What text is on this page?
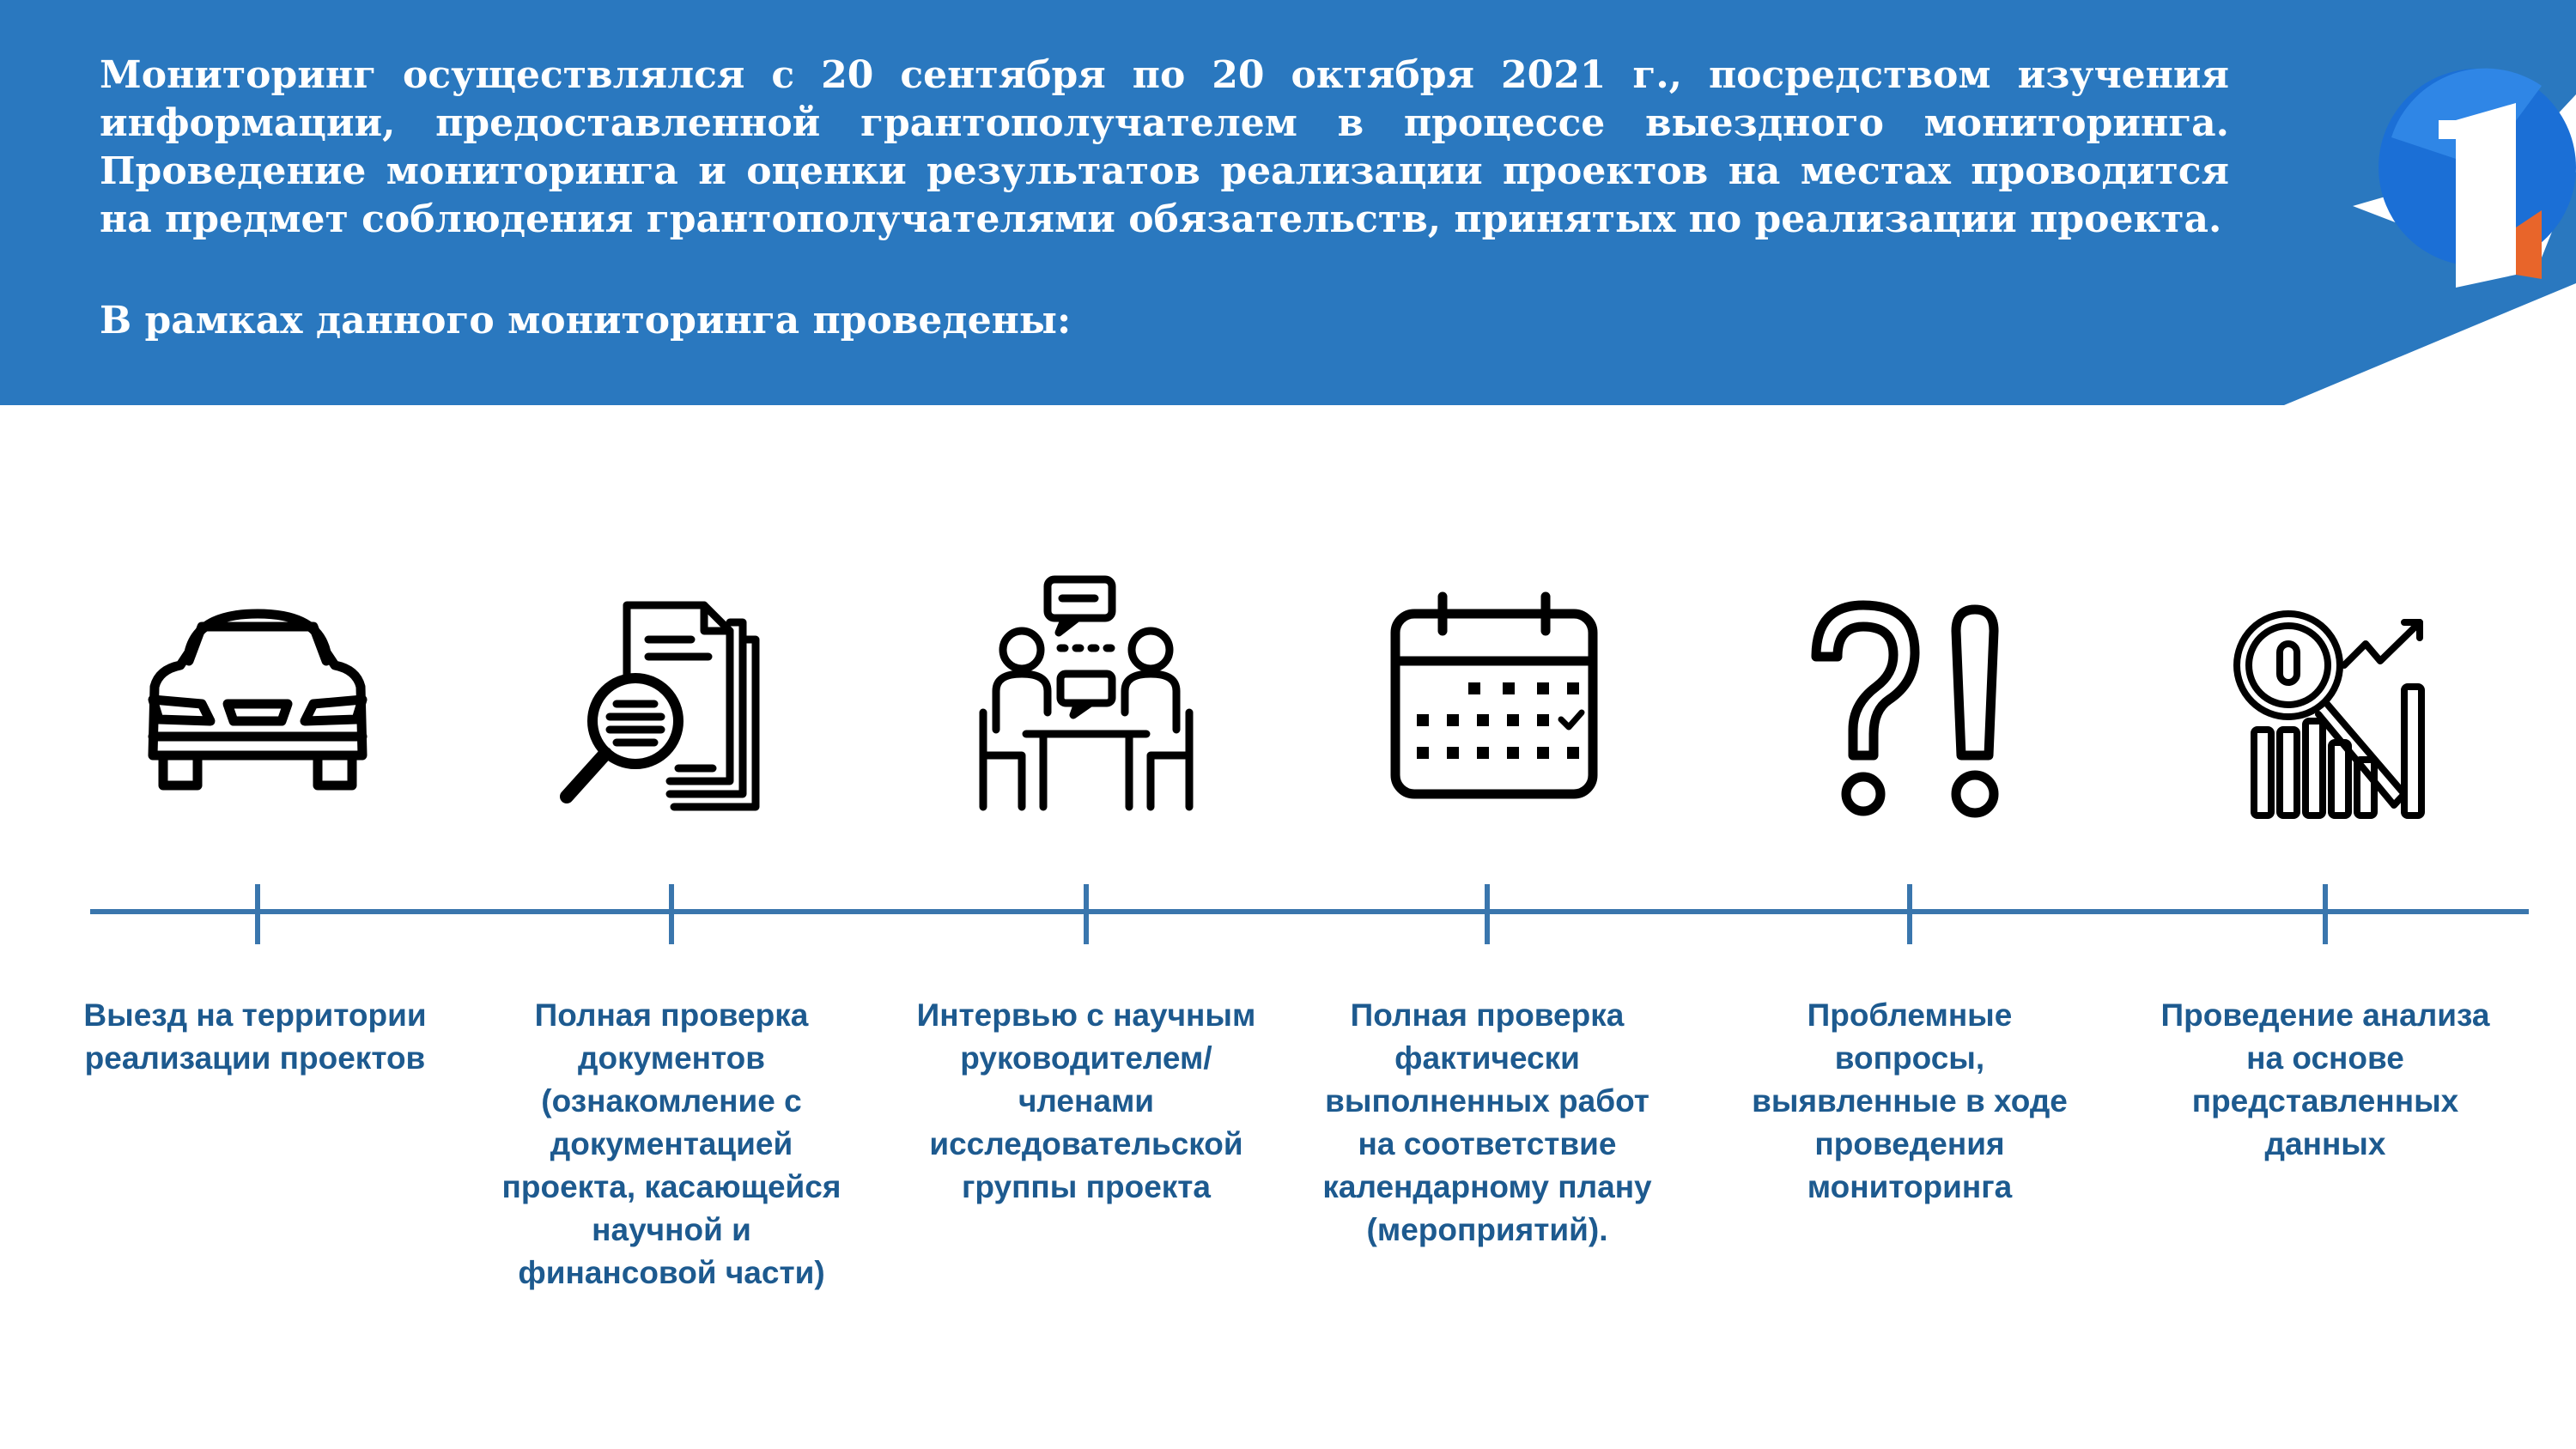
Мониторинг осуществлялся с 20 сентября по 20 октября 2021 г., посредством изучения информации, предоставленной грантополучателем в процессе выездного мониторинга. Проведение мониторинга и оценки результатов реализации проектов на местах проводится на предмет соблюдения грантополучателями обязательств, принятых по реализации проекта.

В рамках данного мониторинга проведены:

Выезд на территории реализации проектов

Полная проверка документов (ознакомление с документацией проекта, касающейся научной и финансовой части)

Интервью с научным руководителем/ членами исследовательской группы проекта

Полная проверка фактически выполненных работ на соответствие календарному плану (мероприятий).

Проблемные вопросы, выявленные в ходе проведения мониторинга

Проведение анализа на основе представленных данных
